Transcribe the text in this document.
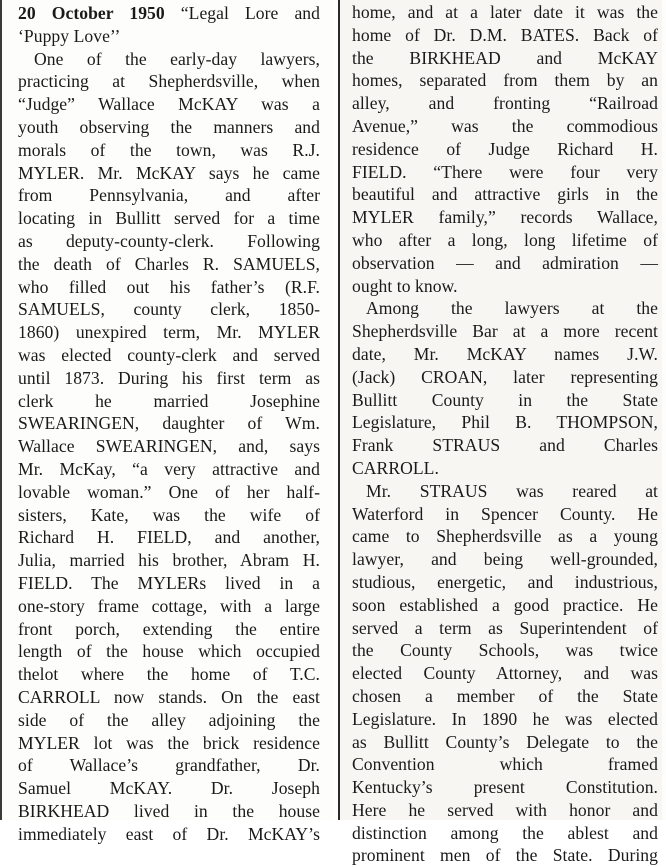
20 October 1950 “Legal Lore and
‘Puppy Love’’
One of the early-day lawyers,
practicing at Shepherdsville, when
“Judge” Wallace McKAY was a
youth observing the manners and
morals of the town, was R.J.
MYLER. Mr. McKAY says he came
from Pennsylvania, and after
locating in Bullitt served for a time
as deputy-county-clerk. Following
the death of Charles R. SAMUELS,
who filled out his father’s (R.F.
SAMUELS, county clerk, 1850-
1860) unexpired term, Mr. MYLER
was elected county-clerk and served
until 1873. During his first term as
clerk he married Josephine
SWEARINGEN, daughter of Wm.
Wallace SWEARINGEN, and, says
Mr. McKay, “a very attractive and
lovable woman.” One of her half-
sisters, Kate, was the wife of
Richard H. FIELD, and another,
Julia, married his brother, Abram H.
FIELD. The MYLERs lived in a
one-story frame cottage, with a large
front porch, extending the entire
length of the house which occupied
thelot where the home of T.C.
CARROLL now stands. On the east
side of the alley adjoining the
MYLER lot was the brick residence
of Wallace’s grandfather, Dr.
Samuel McKAY. Dr. Joseph
BIRKHEAD lived in the house
immediately east of Dr. McKAY’s
home, and at a later date it was the
home of Dr. D.M. BATES. Back of
the BIRKHEAD and McKAY
homes, separated from them by an
alley, and fronting “Railroad
Avenue,” was the commodious
residence of Judge Richard H.
FIELD. “There were four very
beautiful and attractive girls in the
MYLER family,” records Wallace,
who after a long, long lifetime of
observation — and admiration —
ought to know.
Among the lawyers at the
Shepherdsville Bar at a more recent
date, Mr. McKAY names J.W.
(Jack) CROAN, later representing
Bullitt County in the State
Legislature, Phil B. THOMPSON,
Frank STRAUS and Charles
CARROLL.
Mr. STRAUS was reared at
Waterford in Spencer County. He
came to Shepherdsville as a young
lawyer, and being well-grounded,
studious, energetic, and industrious,
soon established a good practice. He
served a term as Superintendent of
the County Schools, was twice
elected County Attorney, and was
chosen a member of the State
Legislature. In 1890 he was elected
as Bullitt County’s Delegate to the
Convention which framed
Kentucky’s present Constitution.
Here he served with honor and
distinction among the ablest and
prominent men of the State. During
